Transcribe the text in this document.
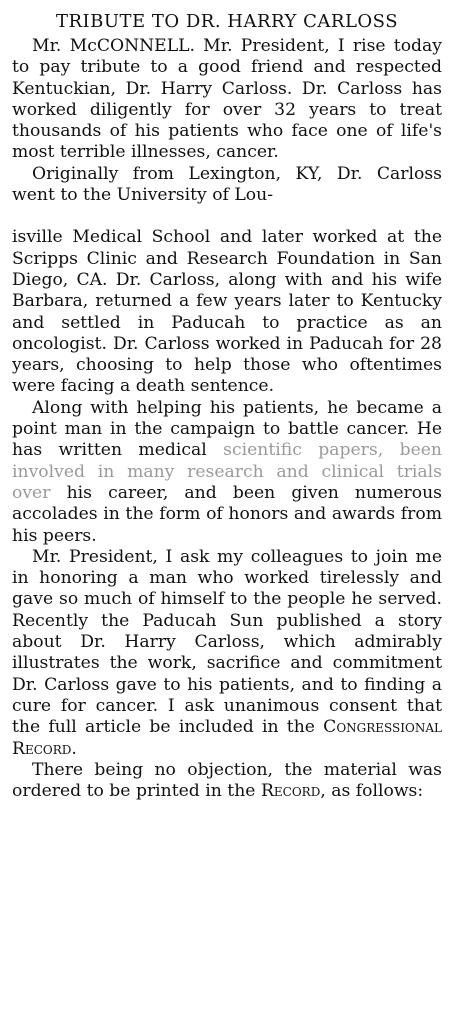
TRIBUTE TO DR. HARRY CARLOSS

Mr. McCONNELL. Mr. President, I rise today to pay tribute to a good friend and respected Kentuckian, Dr. Harry Carloss. Dr. Carloss has worked diligently for over 32 years to treat thousands of his patients who face one of life's most terrible illnesses, cancer.

Originally from Lexington, KY, Dr. Carloss went to the University of Lou-

isville Medical School and later worked at the Scripps Clinic and Research Foundation in San Diego, CA. Dr. Carloss, along with and his wife Barbara, returned a few years later to Kentucky and settled in Paducah to practice as an oncologist. Dr. Carloss worked in Paducah for 28 years, choosing to help those who oftentimes were facing a death sentence.

Along with helping his patients, he became a point man in the campaign to battle cancer. He has written medical scientific papers, been involved in many research and clinical trials over his career, and been given numerous accolades in the form of honors and awards from his peers.

Mr. President, I ask my colleagues to join me in honoring a man who worked tirelessly and gave so much of himself to the people he served. Recently the Paducah Sun published a story about Dr. Harry Carloss, which admirably illustrates the work, sacrifice and commitment Dr. Carloss gave to his patients, and to finding a cure for cancer. I ask unanimous consent that the full article be included in the Congressional Record.

There being no objection, the material was ordered to be printed in the Record, as follows:
